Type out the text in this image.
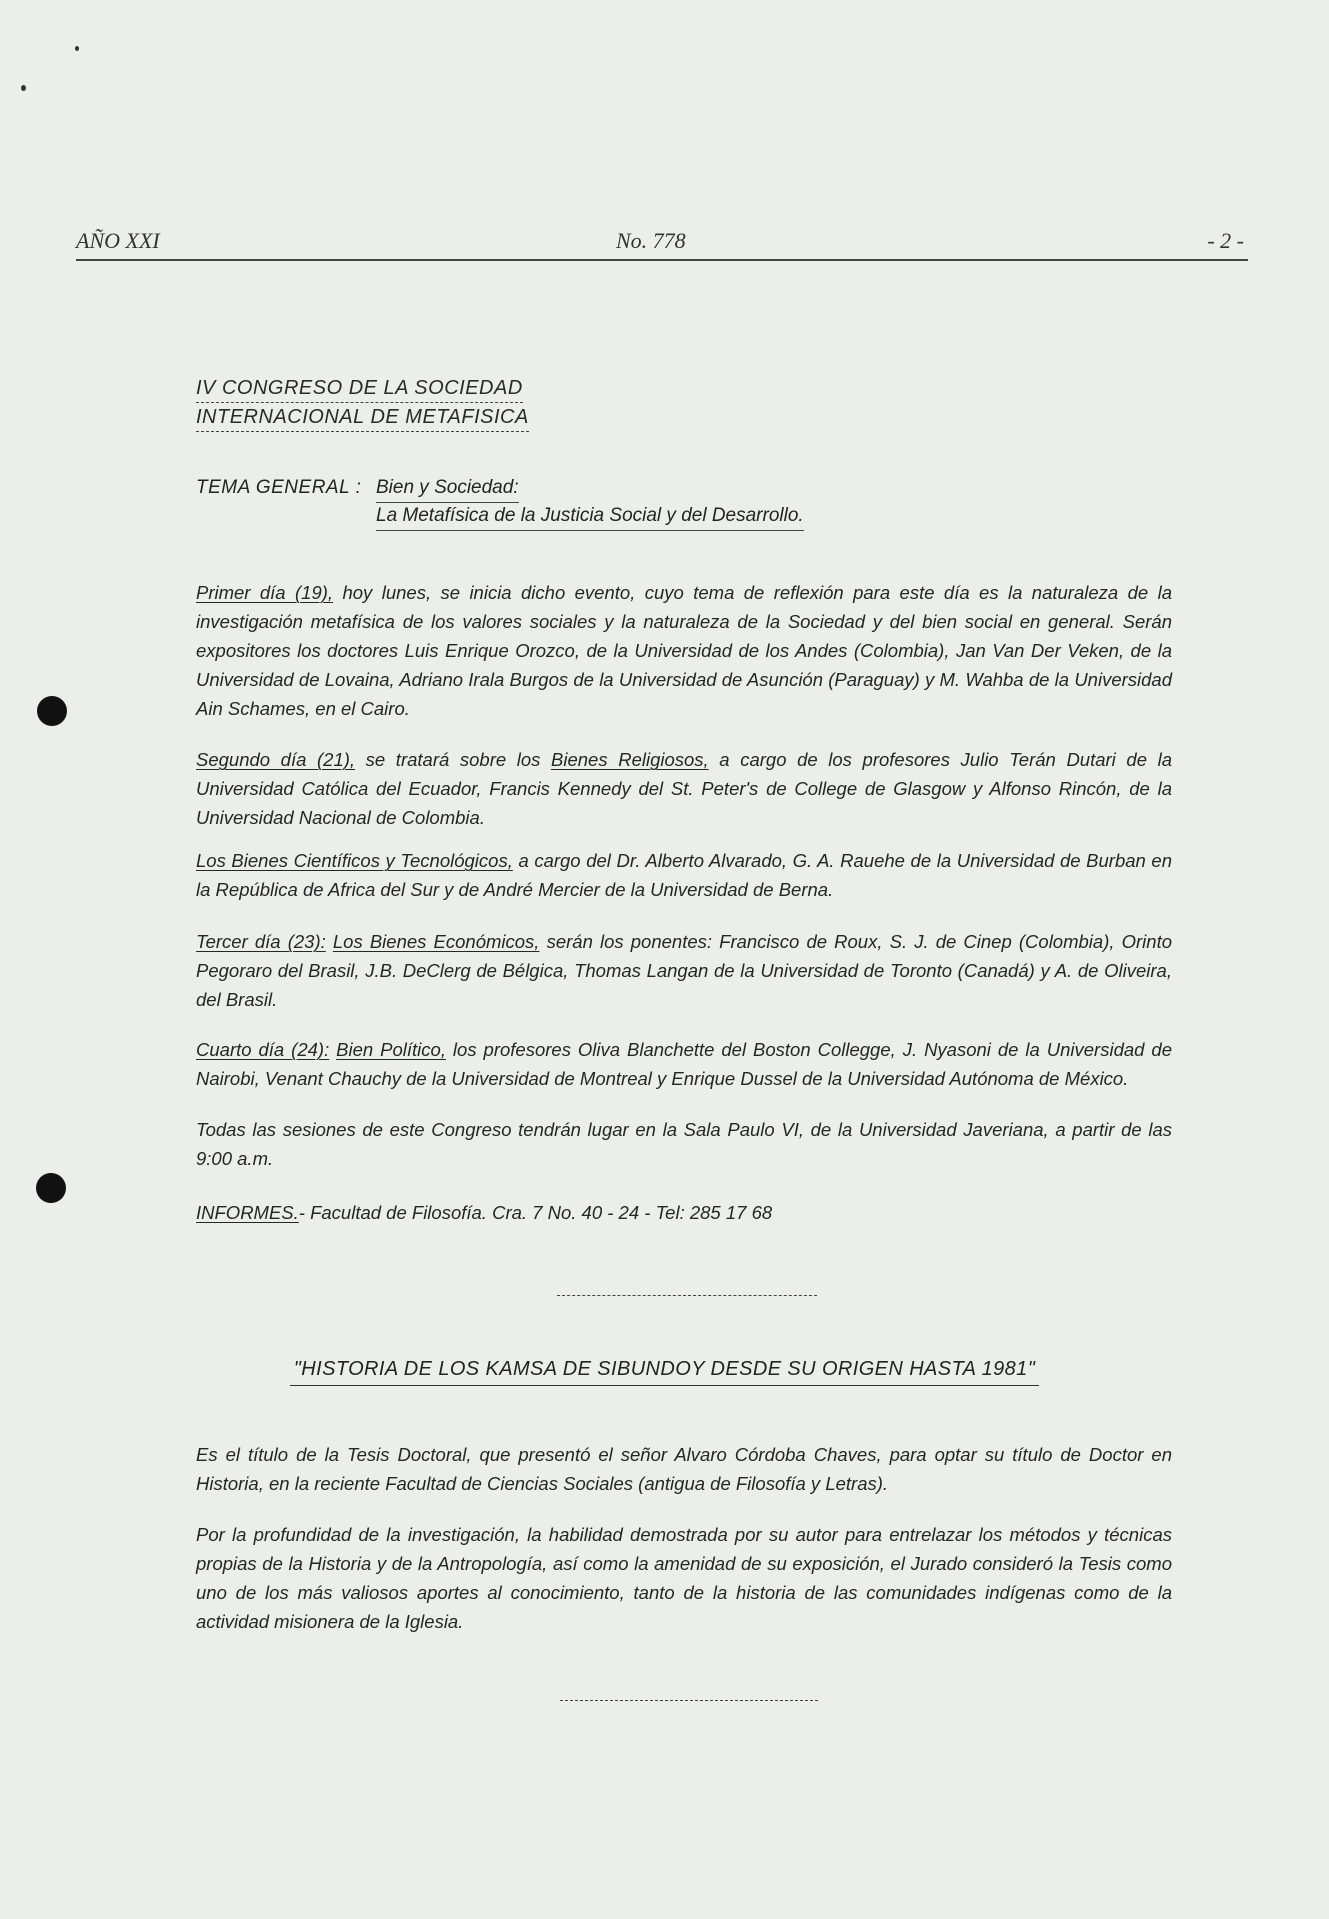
AÑO XXI	No. 778	- 2 -
IV CONGRESO DE LA SOCIEDAD
INTERNACIONAL DE METAFISICA
TEMA GENERAL : Bien y Sociedad:
La Metafísica de la Justicia Social y del Desarrollo.
Primer día (19), hoy lunes, se inicia dicho evento, cuyo tema de reflexión para este día es la naturaleza de la investigación metafísica de los valores sociales y la naturaleza de la Sociedad y del bien social en general. Serán expositores los doctores Luis Enrique Orozco, de la Universidad de los Andes (Colombia), Jan Van Der Veken, de la Universidad de Lovaina, Adriano Irala Burgos de la Universidad de Asunción (Paraguay) y M. Wahba de la Universidad Ain Schames, en el Cairo.
Segundo día (21), se tratará sobre los Bienes Religiosos, a cargo de los profesores Julio Terán Dutari de la Universidad Católica del Ecuador, Francis Kennedy del St. Peter's de College de Glasgow y Alfonso Rincón, de la Universidad Nacional de Colombia.
Los Bienes Científicos y Tecnológicos, a cargo del Dr. Alberto Alvarado, G. A. Rauehe de la Universidad de Burban en la República de Africa del Sur y de André Mercier de la Universidad de Berna.
Tercer día (23): Los Bienes Económicos, serán los ponentes: Francisco de Roux, S. J. de Cinep (Colombia), Orinto Pegoraro del Brasil, J.B. DeClerg de Bélgica, Thomas Langan de la Universidad de Toronto (Canadá) y A. de Oliveira, del Brasil.
Cuarto día (24): Bien Político, los profesores Oliva Blanchette del Boston Collegge, J. Nyasoni de la Universidad de Nairobi, Venant Chauchy de la Universidad de Montreal y Enrique Dussel de la Universidad Autónoma de México.
Todas las sesiones de este Congreso tendrán lugar en la Sala Paulo VI, de la Universidad Javeriana, a partir de las 9:00 a.m.
INFORMES.- Facultad de Filosofía. Cra. 7 No. 40 - 24 - Tel: 285 17 68
"HISTORIA DE LOS KAMSA DE SIBUNDOY DESDE SU ORIGEN HASTA 1981"
Es el título de la Tesis Doctoral, que presentó el señor Alvaro Córdoba Chaves, para optar su título de Doctor en Historia, en la reciente Facultad de Ciencias Sociales (antigua de Filosofía y Letras).
Por la profundidad de la investigación, la habilidad demostrada por su autor para entrelazar los métodos y técnicas propias de la Historia y de la Antropología, así como la amenidad de su exposición, el Jurado consideró la Tesis como uno de los más valiosos aportes al conocimiento, tanto de la historia de las comunidades indígenas como de la actividad misionera de la Iglesia.
